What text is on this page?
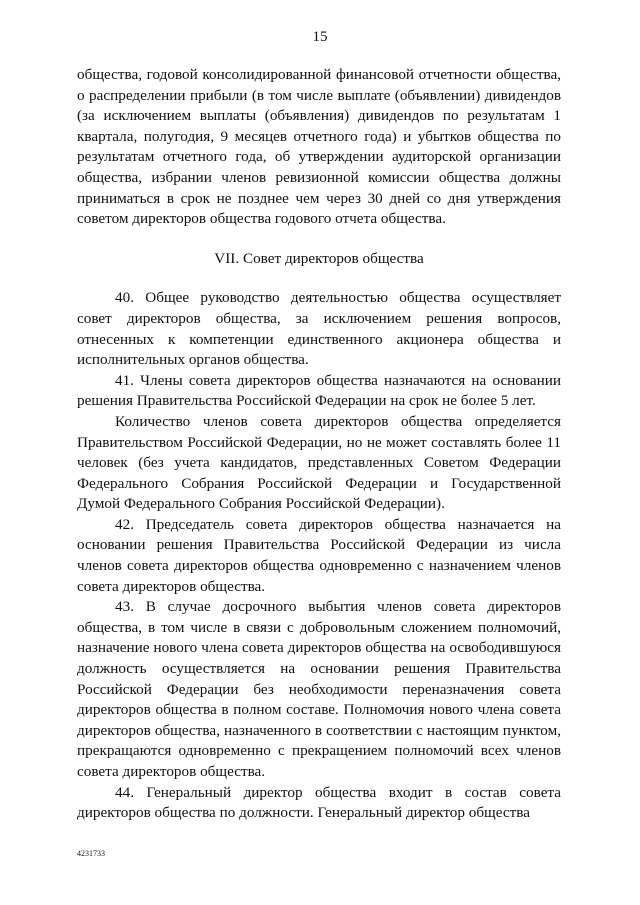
15

общества, годовой консолидированной финансовой отчетности общества, о распределении прибыли (в том числе выплате (объявлении) дивидендов (за исключением выплаты (объявления) дивидендов по результатам 1 квартала, полугодия, 9 месяцев отчетного года) и убытков общества по результатам отчетного года, об утверждении аудиторской организации общества, избрании членов ревизионной комиссии общества должны приниматься в срок не позднее чем через 30 дней со дня утверждения советом директоров общества годового отчета общества.

VII. Совет директоров общества

40. Общее руководство деятельностью общества осуществляет совет директоров общества, за исключением решения вопросов, отнесенных к компетенции единственного акционера общества и исполнительных органов общества.

41. Члены совета директоров общества назначаются на основании решения Правительства Российской Федерации на срок не более 5 лет.

Количество членов совета директоров общества определяется Правительством Российской Федерации, но не может составлять более 11 человек (без учета кандидатов, представленных Советом Федерации Федерального Собрания Российской Федерации и Государственной Думой Федерального Собрания Российской Федерации).

42. Председатель совета директоров общества назначается на основании решения Правительства Российской Федерации из числа членов совета директоров общества одновременно с назначением членов совета директоров общества.

43. В случае досрочного выбытия членов совета директоров общества, в том числе в связи с добровольным сложением полномочий, назначение нового члена совета директоров общества на освободившуюся должность осуществляется на основании решения Правительства Российской Федерации без необходимости переназначения совета директоров общества в полном составе. Полномочия нового члена совета директоров общества, назначенного в соответствии с настоящим пунктом, прекращаются одновременно с прекращением полномочий всех членов совета директоров общества.

44. Генеральный директор общества входит в состав совета директоров общества по должности. Генеральный директор общества

4231733
